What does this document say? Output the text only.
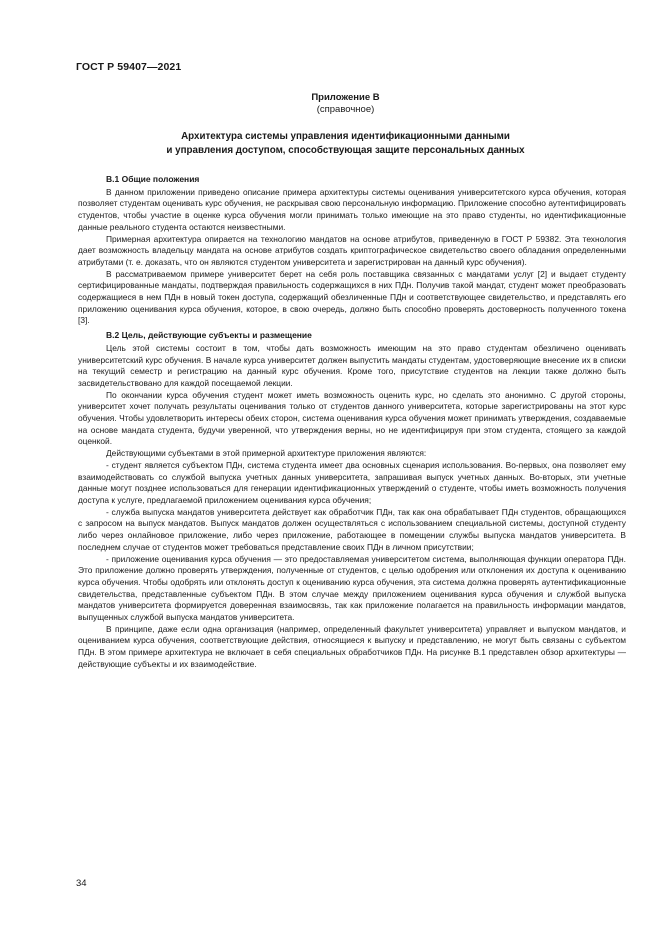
ГОСТ Р 59407—2021
Приложение В
(справочное)
Архитектура системы управления идентификационными данными
и управления доступом, способствующая защите персональных данных
В.1 Общие положения

В данном приложении приведено описание примера архитектуры системы оценивания университетского курса обучения, которая позволяет студентам оценивать курс обучения, не раскрывая свою персональную информацию. Приложение способно аутентифицировать студентов, чтобы участие в оценке курса обучения могли принимать только имеющие на это право студенты, но идентификационные данные реального студента остаются неизвестными.

Примерная архитектура опирается на технологию мандатов на основе атрибутов, приведенную в ГОСТ Р 59382. Эта технология дает возможность владельцу мандата на основе атрибутов создать криптографическое свидетельство своего обладания определенными атрибутами (т. е. доказать, что он являются студентом университета и зарегистрирован на данный курс обучения).

В рассматриваемом примере университет берет на себя роль поставщика связанных с мандатами услуг [2] и выдает студенту сертифицированные мандаты, подтверждая правильность содержащихся в них ПДн. Получив такой мандат, студент может преобразовать содержащиеся в нем ПДн в новый токен доступа, содержащий обезличенные ПДн и соответствующее свидетельство, и представлять его приложению оценивания курса обучения, которое, в свою очередь, должно быть способно проверять достоверность полученного токена [3].

В.2 Цель, действующие субъекты и размещение

Цель этой системы состоит в том, чтобы дать возможность имеющим на это право студентам обезличено оценивать университетский курс обучения. В начале курса университет должен выпустить мандаты студентам, удостоверяющие внесение их в списки на текущий семестр и регистрацию на данный курс обучения. Кроме того, присутствие студентов на лекции также должно быть засвидетельствовано для каждой посещаемой лекции.

По окончании курса обучения студент может иметь возможность оценить курс, но сделать это анонимно. С другой стороны, университет хочет получать результаты оценивания только от студентов данного университета, которые зарегистрированы на этот курс обучения. Чтобы удовлетворить интересы обеих сторон, система оценивания курса обучения может принимать утверждения, создаваемые на основе мандата студента, будучи уверенной, что утверждения верны, но не идентифицируя при этом студента, стоящего за каждой оценкой.

Действующими субъектами в этой примерной архитектуре приложения являются:

- студент является субъектом ПДн, система студента имеет два основных сценария использования. Во-первых, она позволяет ему взаимодействовать со службой выпуска учетных данных университета, запрашивая выпуск учетных данных. Во-вторых, эти учетные данные могут позднее использоваться для генерации идентификационных утверждений о студенте, чтобы иметь возможность получения доступа к услуге, предлагаемой приложением оценивания курса обучения;

- служба выпуска мандатов университета действует как обработчик ПДн, так как она обрабатывает ПДн студентов, обращающихся с запросом на выпуск мандатов. Выпуск мандатов должен осуществляться с использованием специальной системы, доступной студенту либо через онлайновое приложение, либо через приложение, работающее в помещении службы выпуска мандатов университета. В последнем случае от студентов может требоваться представление своих ПДн в личном присутствии;

- приложение оценивания курса обучения — это предоставляемая университетом система, выполняющая функции оператора ПДн. Это приложение должно проверять утверждения, полученные от студентов, с целью одобрения или отклонения их доступа к оцениванию курса обучения. Чтобы одобрять или отклонять доступ к оцениванию курса обучения, эта система должна проверять аутентификационные свидетельства, представленные субъектом ПДн. В этом случае между приложением оценивания курса обучения и службой выпуска мандатов университета формируется доверенная взаимосвязь, так как приложение полагается на правильность информации мандатов, выпущенных службой выпуска мандатов университета.

В принципе, даже если одна организация (например, определенный факультет университета) управляет и выпуском мандатов, и оцениванием курса обучения, соответствующие действия, относящиеся к выпуску и представлению, не могут быть связаны с субъектом ПДн. В этом примере архитектура не включает в себя специальных обработчиков ПДн. На рисунке В.1 представлен обзор архитектуры — действующие субъекты и их взаимодействие.

34
